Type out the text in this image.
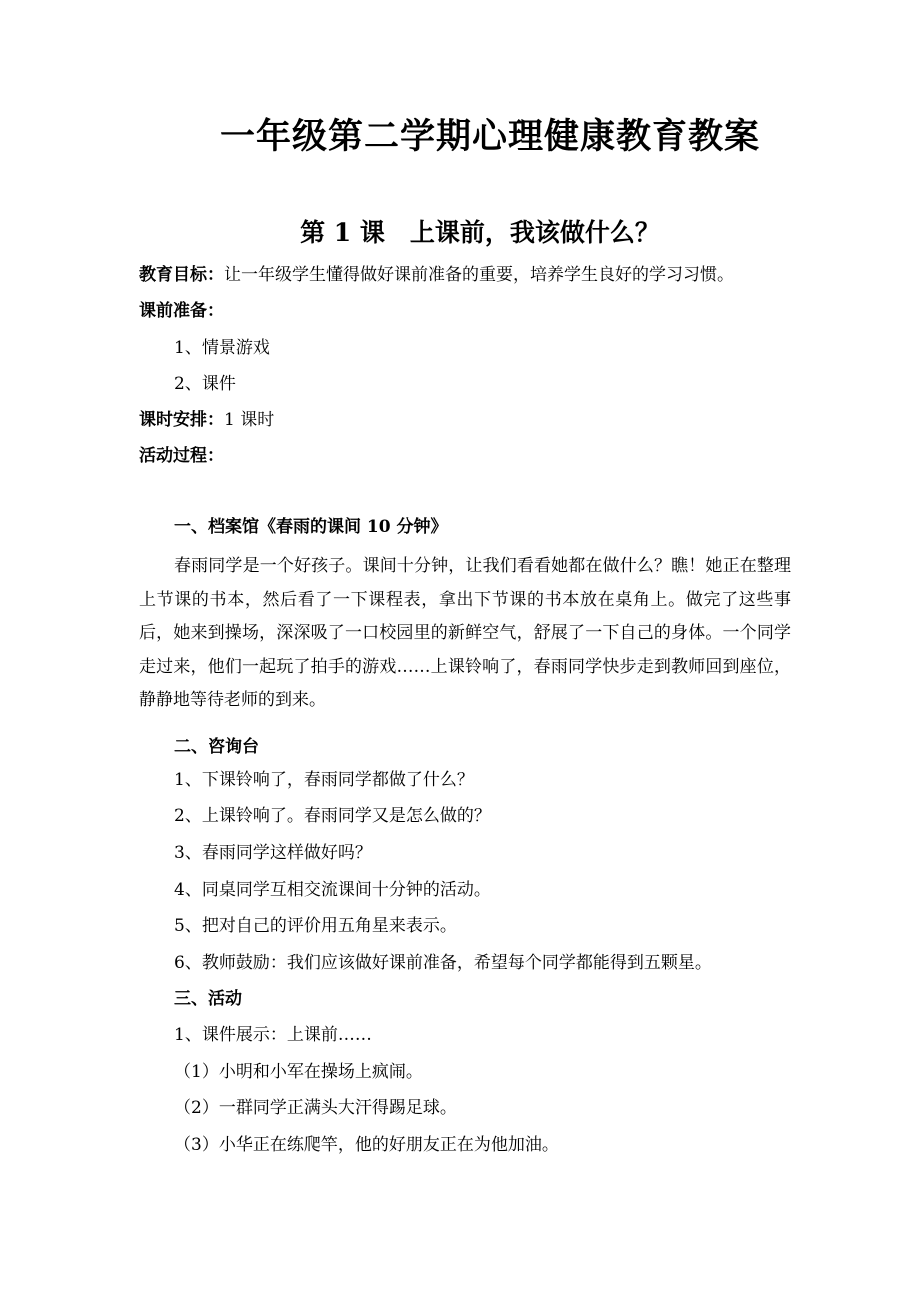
一年级第二学期心理健康教育教案
第 1 课　上课前，我该做什么？
教育目标：让一年级学生懂得做好课前准备的重要，培养学生良好的学习习惯。
课前准备：
1、情景游戏
2、课件
课时安排：1 课时
活动过程：
一、档案馆《春雨的课间 10 分钟》
春雨同学是一个好孩子。课间十分钟，让我们看看她都在做什么？瞧！她正在整理上节课的书本，然后看了一下课程表，拿出下节课的书本放在桌角上。做完了这些事后，她来到操场，深深吸了一口校园里的新鲜空气，舒展了一下自己的身体。一个同学走过来，他们一起玩了拍手的游戏……上课铃响了，春雨同学快步走到教师回到座位，静静地等待老师的到来。
二、咨询台
1、下课铃响了，春雨同学都做了什么？
2、上课铃响了。春雨同学又是怎么做的？
3、春雨同学这样做好吗？
4、同桌同学互相交流课间十分钟的活动。
5、把对自己的评价用五角星来表示。
6、教师鼓励：我们应该做好课前准备，希望每个同学都能得到五颗星。
三、活动
1、课件展示：上课前……
（1）小明和小军在操场上疯闹。
（2）一群同学正满头大汗得踢足球。
（3）小华正在练爬竿，他的好朋友正在为他加油。
